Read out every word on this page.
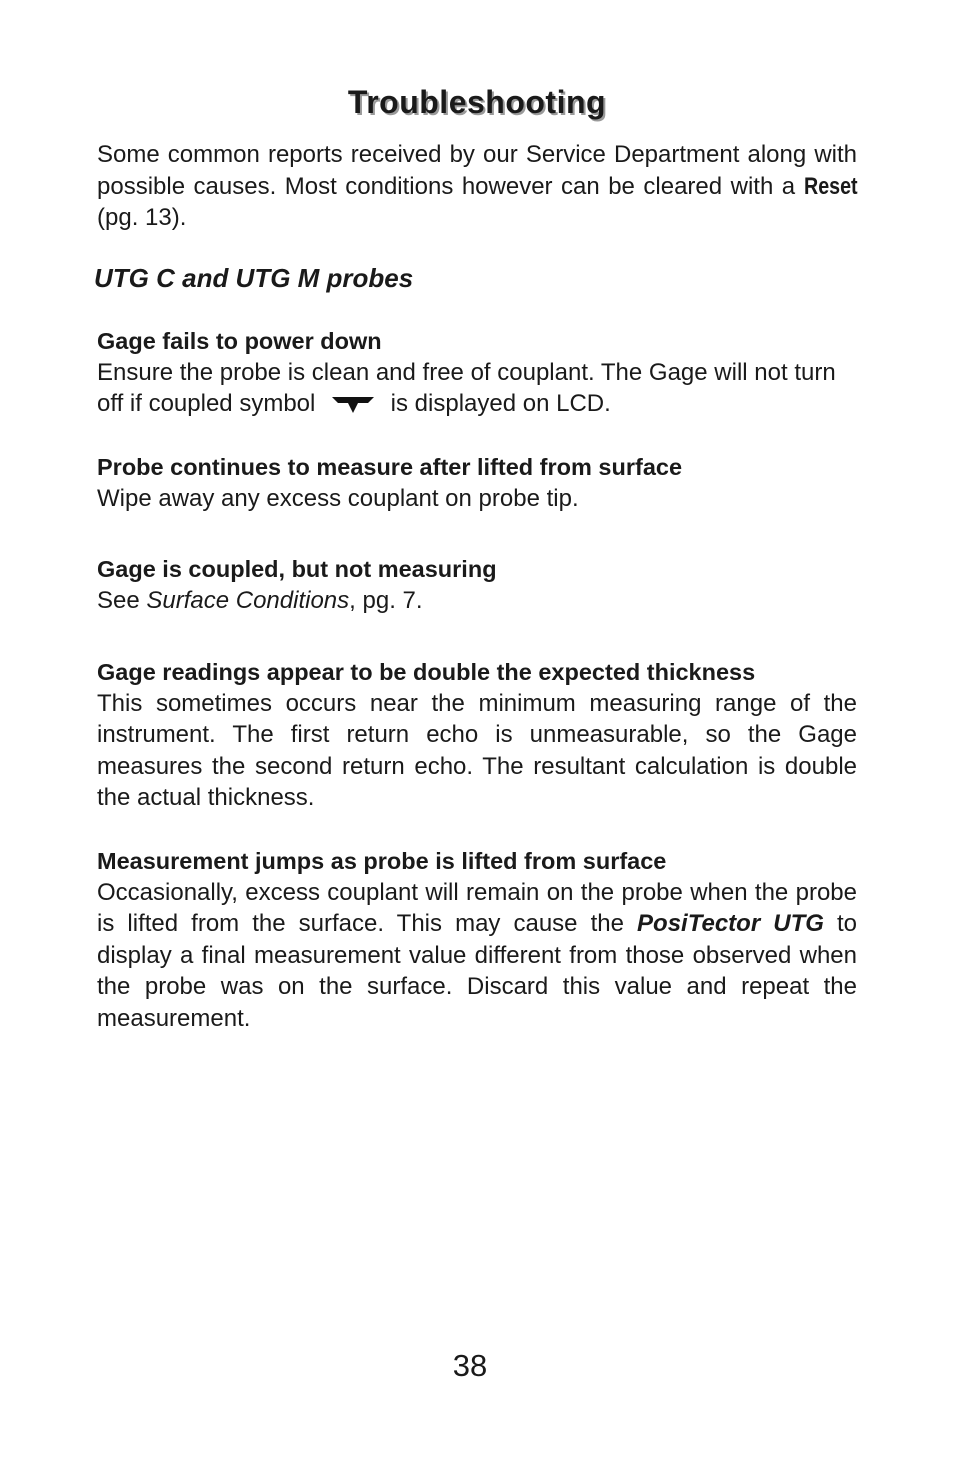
Troubleshooting

Some common reports received by our Service Department along with possible causes. Most conditions however can be cleared with a Reset (pg. 13).

UTG C and UTG M probes
Gage fails to power down

Ensure the probe is clean and free of couplant. The Gage will not turn off if coupled symbol	is displayed on LCD.

Probe continues to measure after lifted from surface

Wipe away any excess couplant on probe tip.

Gage is coupled, but not measuring

See Surface Conditions, pg. 7.

Gage readings appear to be double the expected thickness

This sometimes occurs near the minimum measuring range of the instrument. The first return echo is unmeasurable, so the Gage measures the second return echo. The resultant calculation is double the actual thickness.

Measurement jumps as probe is lifted from surface

Occasionally, excess couplant will remain on the probe when the probe is lifted from the surface. This may cause the PosiTector UTG to display a final measurement value different from those observed when the probe was on the surface. Discard this value and repeat the measurement.

38
